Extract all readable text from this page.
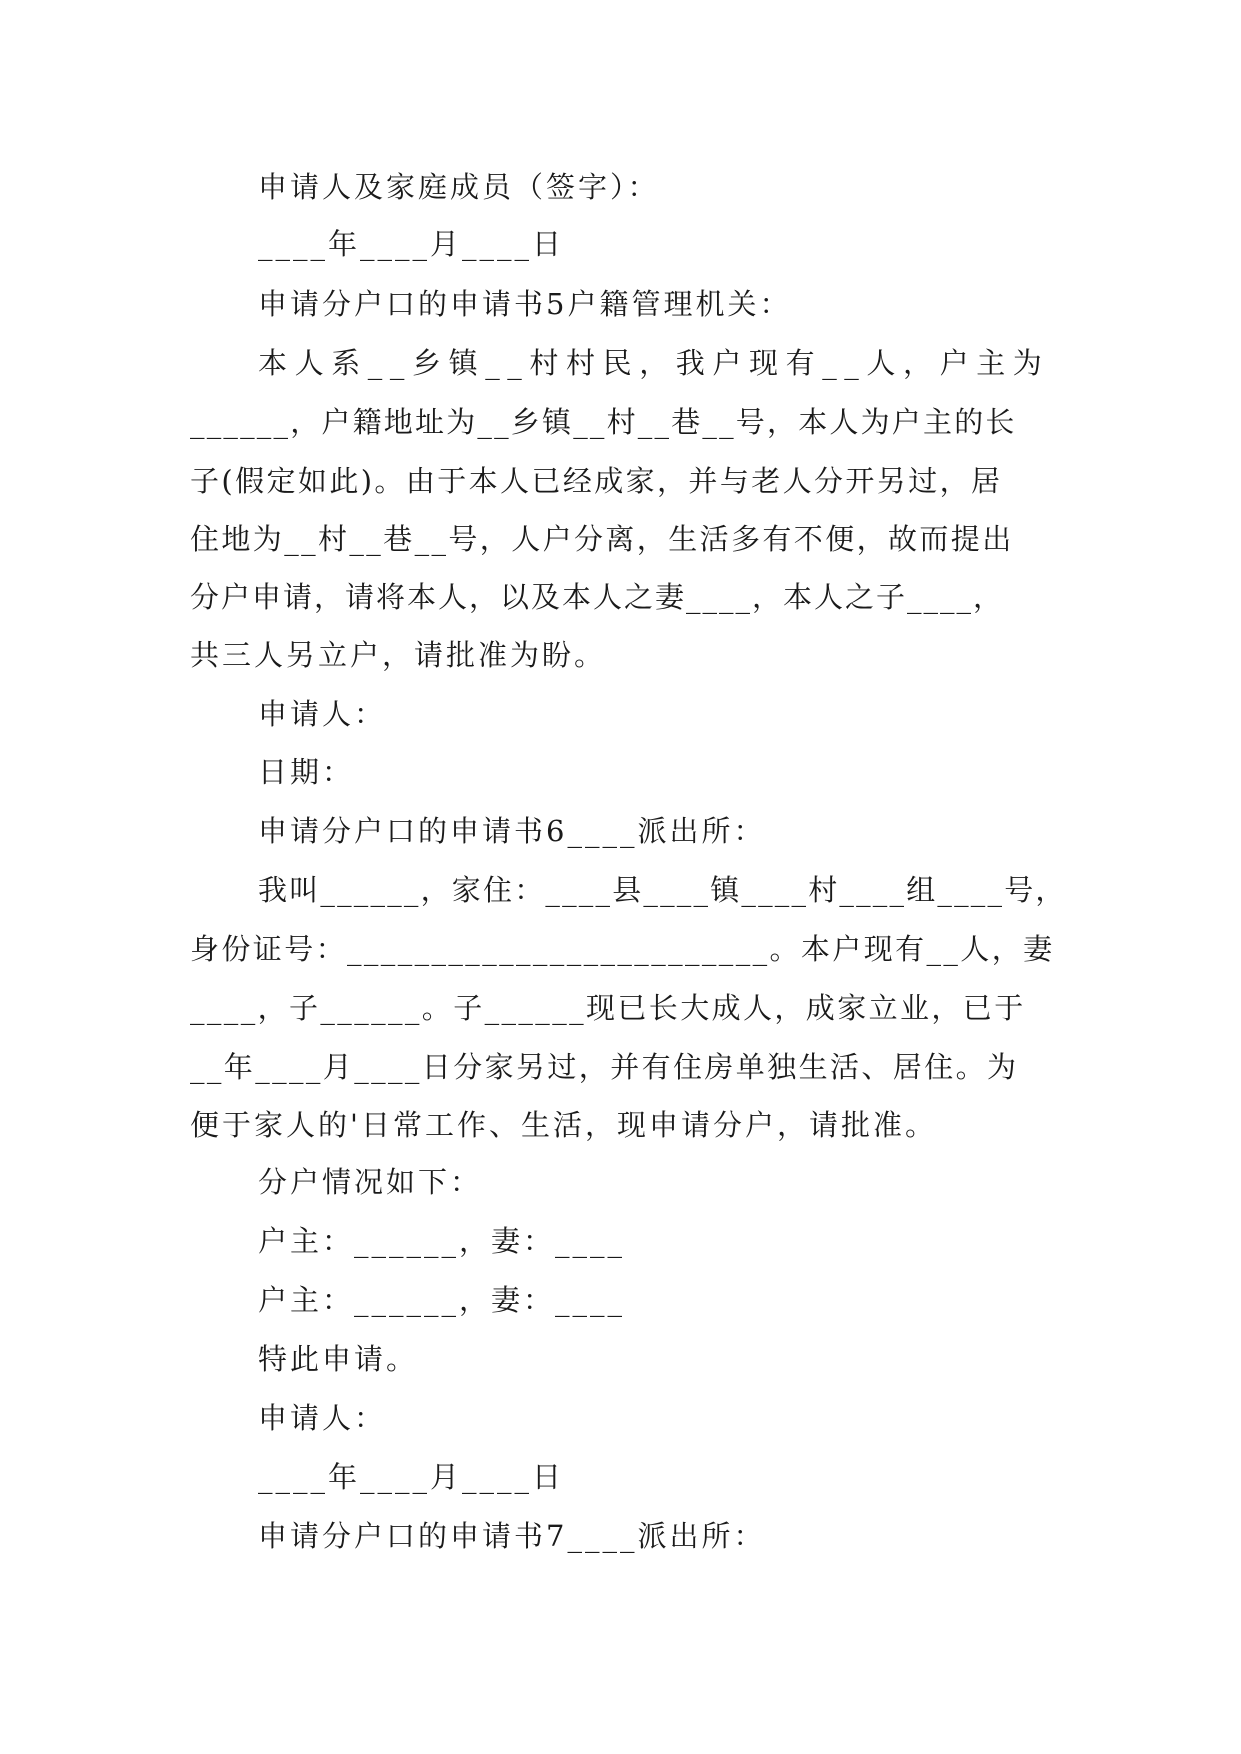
申请人及家庭成员（签字）：
____年____月____日
申请分户口的申请书5户籍管理机关：
本人系__乡镇__村村民，我户现有__人，户主为
______，户籍地址为__乡镇__村__巷__号，本人为户主的长
子(假定如此)。由于本人已经成家，并与老人分开另过，居
住地为__村__巷__号，人户分离，生活多有不便，故而提出
分户申请，请将本人，以及本人之妻____，本人之子____，
共三人另立户，请批准为盼。
申请人：
日期：
申请分户口的申请书6____派出所：
我叫______，家住：____县____镇____村____组____号，
身份证号：_________________________。本户现有__人，妻
____，子______。子______现已长大成人，成家立业，已于
__年____月____日分家另过，并有住房单独生活、居住。为
便于家人的'日常工作、生活，现申请分户，请批准。
分户情况如下：
户主：______，妻：____
户主：______，妻：____
特此申请。
申请人：
____年____月____日
申请分户口的申请书7____派出所：
